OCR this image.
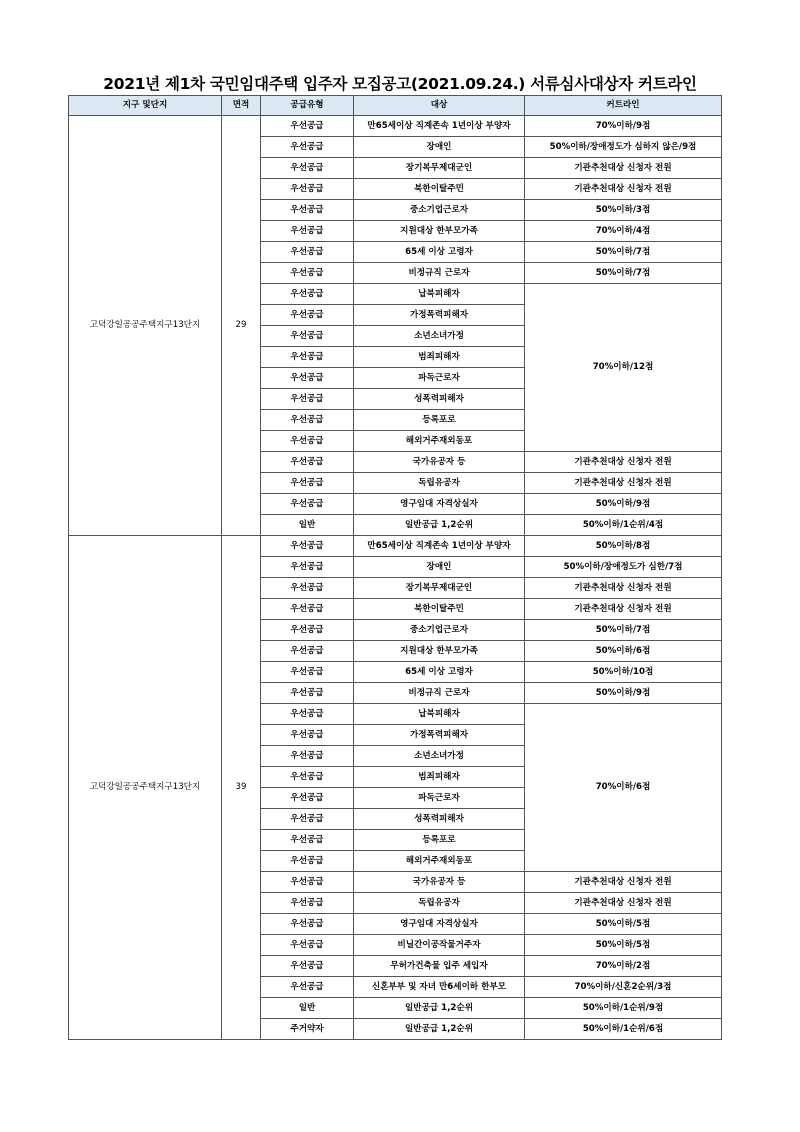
2021년 제1차 국민임대주택 입주자 모집공고(2021.09.24.) 서류심사대상자 커트라인
지구 및단지	면적	공급유형	대상	커트라인
고덕강일공공주택지구13단지	29	우선공급	만65세이상 직계존속 1년이상 부양자	70%이하/9점
		우선공급	장애인	50%이하/장애정도가 심하지 않은/9점
		우선공급	장기복무제대군인	기관추천대상 신청자 전원
		우선공급	북한이탈주민	기관추천대상 신청자 전원
		우선공급	중소기업근로자	50%이하/3점
		우선공급	지원대상 한부모가족	70%이하/4점
		우선공급	65세 이상 고령자	50%이하/7점
		우선공급	비정규직 근로자	50%이하/7점
		우선공급	납북피해자	70%이하/12점
		우선공급	가정폭력피해자	
		우선공급	소년소녀가정	
		우선공급	범죄피해자	
		우선공급	파독근로자	
		우선공급	성폭력피해자	
		우선공급	등록포로	
		우선공급	해외거주재외동포	
		우선공급	국가유공자 등	기관추천대상 신청자 전원
		우선공급	독립유공자	기관추천대상 신청자 전원
		우선공급	영구임대 자격상실자	50%이하/9점
		일반	일반공급 1,2순위	50%이하/1순위/4점
고덕강일공공주택지구13단지	39	우선공급	만65세이상 직계존속 1년이상 부양자	50%이하/8점
		우선공급	장애인	50%이하/장애정도가 심한/7점
		우선공급	장기복무제대군인	기관추천대상 신청자 전원
		우선공급	북한이탈주민	기관추천대상 신청자 전원
		우선공급	중소기업근로자	50%이하/7점
		우선공급	지원대상 한부모가족	50%이하/6점
		우선공급	65세 이상 고령자	50%이하/10점
		우선공급	비정규직 근로자	50%이하/9점
		우선공급	납북피해자	70%이하/6점
		우선공급	가정폭력피해자	
		우선공급	소년소녀가정	
		우선공급	범죄피해자	
		우선공급	파독근로자	
		우선공급	성폭력피해자	
		우선공급	등록포로	
		우선공급	해외거주재외동포	
		우선공급	국가유공자 등	기관추천대상 신청자 전원
		우선공급	독립유공자	기관추천대상 신청자 전원
		우선공급	영구임대 자격상실자	50%이하/5점
		우선공급	비닐간이공작물거주자	50%이하/5점
		우선공급	무허가건축물 입주 세입자	70%이하/2점
		우선공급	신혼부부 및 자녀 만6세이하 한부모	70%이하/신혼2순위/3점
		일반	일반공급 1,2순위	50%이하/1순위/9점
		주거약자	일반공급 1,2순위	50%이하/1순위/6점
